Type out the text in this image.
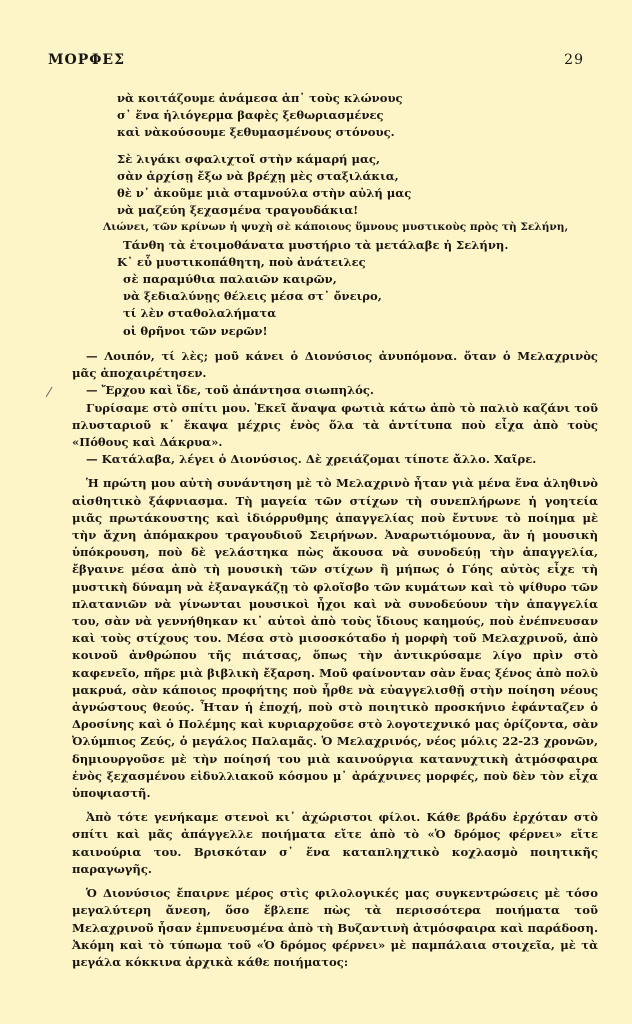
ΜΟΡΦΕΣ	29
νὰ κοιτάζουμε ἀνάμεσα ἀπ᾿ τοὺς κλώνους
σ᾿ ἕνα ἡλιόγερμα βαφὲς ξεθωριασμένες
καὶ νὰκούσουμε ξεθυμασμένους στόνους.
Σὲ λιγάκι σφαλιχτοῖ στὴν κάμαρή μας,
σὰν ἀρχίσῃ ἔξω νὰ βρέχῃ μὲς σταξιλάκια,
θὲ ν᾿ ἀκοῦμε μιὰ σταμνούλα στὴν αὐλή μας
νὰ μαζεύη ξεχασμένα τραγουδάκια!
Λιώνει, τῶν κρίνων ἡ ψυχὴ σὲ κάποιους ὕμνους μυστικοὺς πρὸς τὴ Σελήνη,
Τάνθη τὰ ἑτοιμοθάνατα μυστήριο τὰ μετάλαβε ἡ Σελήνη.
Κ᾿ εὗ μυστικοπάθητη, ποὺ ἀνάτειλες
σὲ παραμύθια παλαιῶν καιρῶν,
νὰ ξεδιαλύνῃς θέλεις μέσα στ᾿ ὄνειρο,
τί λὲν σταθολαλήματα
οἱ θρῆνοι τῶν νερῶν!
⁄

— Λοιπόν, τί λὲς; μοῦ κάνει ὁ Διονύσιος ἀνυπόμονα. ὅταν ὁ Μελαχρινὸς μᾶς ἀποχαιρέτησεν.

— Ἔρχου καὶ ἴδε, τοῦ ἀπάντησα σιωπηλός.

Γυρίσαμε στὸ σπίτι μου. Ἐκεῖ ἄναψα φωτιὰ κάτω ἀπὸ τὸ παλιὸ καζάνι τοῦ πλυσταριοῦ κ᾿ ἔκαψα μέχρις ἑνὸς ὅλα τὰ ἀντίτυπα ποὺ εἶχα ἀπὸ τοὺς «Πόθους καὶ Δάκρυα».

— Κατάλαβα, λέγει ὁ Διονύσιος. Δὲ χρειάζομαι τίποτε ἄλλο. Χαῖρε.

Ἡ πρώτη μου αὐτὴ συνάντηση μὲ τὸ Μελαχρινὸ ἦταν γιὰ μένα ἕνα ἀληθινὸ αἰσθητικὸ ξάφνιασμα. Τὴ μαγεία τῶν στίχων τὴ συνεπλήρωνε ἡ γοητεία μιᾶς πρωτάκουστης καὶ ἰδιόρρυθμης ἀπαγγελίας ποὺ ἔντυνε τὸ ποίημα μὲ τὴν ἄχνη ἀπόμακρου τραγουδιοῦ Σειρήνων. Ἀναρωτιόμουνα, ἂν ἡ μουσικὴ ὑπόκρουση, ποὺ δὲ γελάστηκα πὼς ἄκουσα νὰ συνοδεύῃ τὴν ἀπαγγελία, ἔβγαινε μέσα ἀπὸ τὴ μουσικὴ τῶν στίχων ἢ μήπως ὁ Γόης αὐτὸς εἶχε τὴ μυστικὴ δύναμη νὰ ἐξαναγκάζῃ τὸ φλοῖσβο τῶν κυμάτων καὶ τὸ ψίθυρο τῶν πλατανιῶν νὰ γίνωνται μουσικοὶ ἦχοι καὶ νὰ συνοδεύουν τὴν ἀπαγγελία του, σὰν νὰ γεννήθηκαν κι᾿ αὐτοὶ ἀπὸ τοὺς ἴδιους καημούς, ποὺ ἐνέπνευσαν καὶ τοὺς στίχους του. Μέσα στὸ μισοσκόταδο ἡ μορφὴ τοῦ Μελαχρινοῦ, ἀπὸ κοινοῦ ἀνθρώπου τῆς πιάτσας, ὅπως τὴν ἀντικρύσαμε λίγο πρὶν στὸ καφενεῖο, πῆρε μιὰ βιβλικὴ ἔξαρση. Μοῦ φαίνονταν σὰν ἕνας ξένος ἀπὸ πολὺ μακρυά, σὰν κάποιος προφήτης ποὺ ἦρθε νὰ εὐαγγελισθῇ στὴν ποίηση νέους ἀγνώστους θεούς. Ἦταν ἡ ἐποχή, ποὺ στὸ ποιητικὸ προσκήνιο ἐφάνταζεν ὁ Δροσίνης καὶ ὁ Πολέμης καὶ κυριαρχοῦσε στὸ λογοτεχνικό μας ὁρίζοντα, σὰν Ὀλύμπιος Ζεύς, ὁ μεγάλος Παλαμᾶς. Ὁ Μελαχρινός, νέος μόλις 22-23 χρονῶν, δημιουργοῦσε μὲ τὴν ποίησή του μιὰ καινούργια κατανυχτικὴ ἀτμόσφαιρα ἑνὸς ξεχασμένου εἰδυλλιακοῦ κόσμου μ᾿ ἀράχνινες μορφές, ποὺ δὲν τὸν εἶχα ὑποψιαστῆ.

Ἀπὸ τότε γενήκαμε στενοὶ κι᾿ ἀχώριστοι φίλοι. Κάθε βράδυ ἐρχόταν στὸ σπίτι καὶ μᾶς ἀπάγγελλε ποιήματα εἴτε ἀπὸ τὸ «Ὁ δρόμος φέρνει» εἴτε καινούρια του. Βρισκόταν σ᾿ ἕνα καταπληχτικὸ κοχλασμὸ ποιητικῆς παραγωγῆς.

Ὁ Διονύσιος ἔπαιρνε μέρος στὶς φιλολογικές μας συγκεντρώσεις μὲ τόσο μεγαλύτερη ἄνεση, ὅσο ἔβλεπε πὼς τὰ περισσότερα ποιήματα τοῦ Μελαχρινοῦ ἦσαν ἐμπνευσμένα ἀπὸ τὴ Βυζαντινὴ ἀτμόσφαιρα καὶ παράδοση. Ἀκόμη καὶ τὸ τύπωμα τοῦ «Ὁ δρόμος φέρνει» μὲ παμπάλαια στοιχεῖα, μὲ τὰ μεγάλα κόκκινα ἀρχικὰ κάθε ποιήματος:
